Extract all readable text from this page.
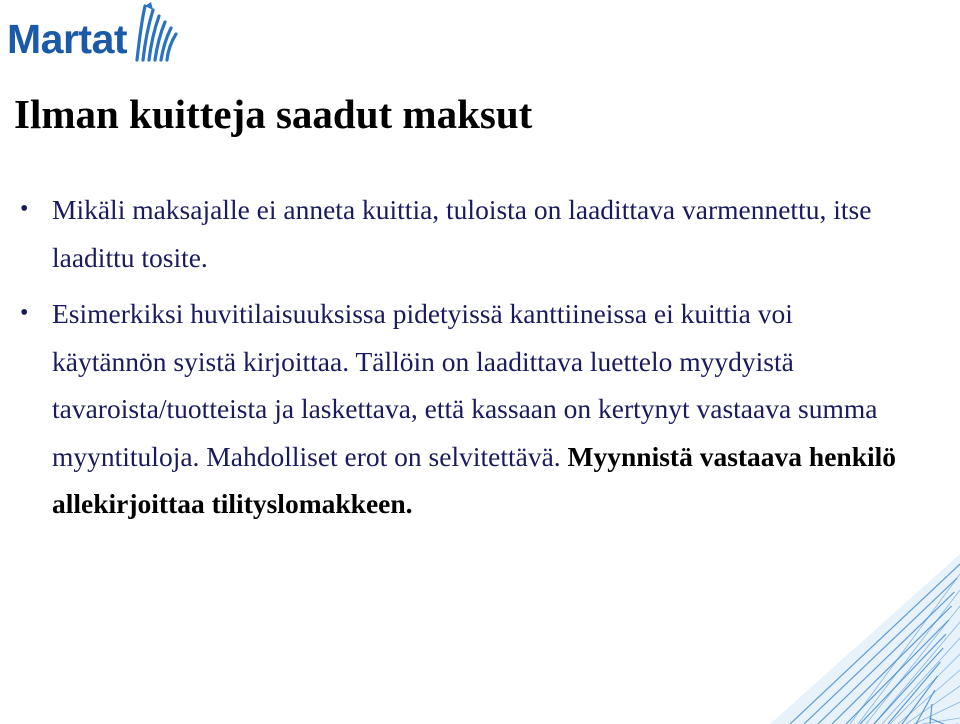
Martat
Ilman kuitteja saadut maksut
• Mikäli maksajalle ei anneta kuittia, tuloista on laadittava varmennettu, itse laadittu tosite.
• Esimerkiksi huvitilaisuuksissa pidetyissä kanttiineissa ei kuittia voi käytännön syistä kirjoittaa. Tällöin on laadittava luettelo myydyistä tavaroista/tuotteista ja laskettava, että kassaan on kertynyt vastaava summa myyntituloja. Mahdolliset erot on selvitettävä. Myynnistä vastaava henkilö allekirjoittaa tilityslomakkeen.
